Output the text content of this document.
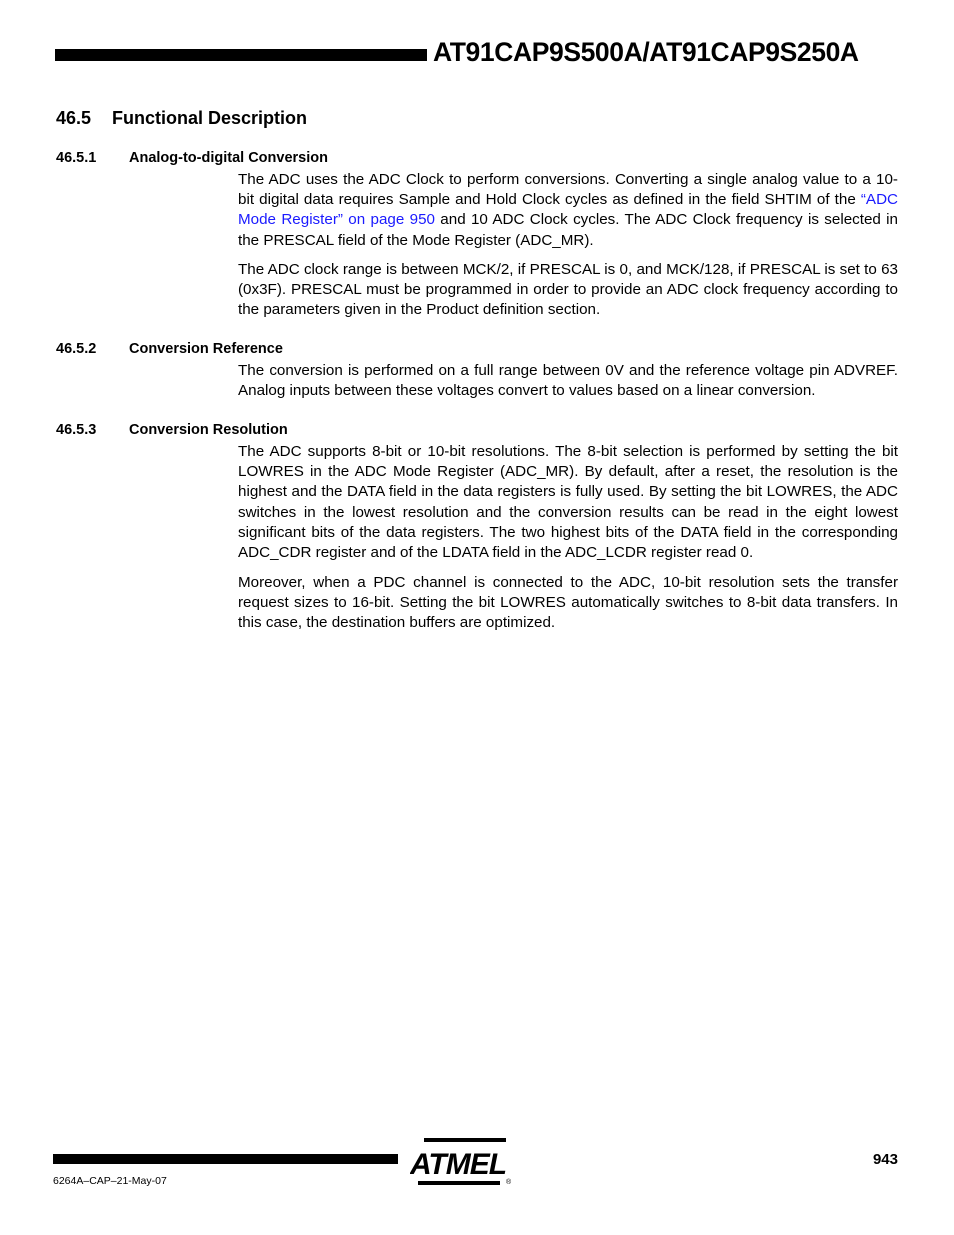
AT91CAP9S500A/AT91CAP9S250A
46.5 Functional Description
46.5.1 Analog-to-digital Conversion

The ADC uses the ADC Clock to perform conversions. Converting a single analog value to a 10-bit digital data requires Sample and Hold Clock cycles as defined in the field SHTIM of the “ADC Mode Register” on page 950 and 10 ADC Clock cycles. The ADC Clock frequency is selected in the PRESCAL field of the Mode Register (ADC_MR).

The ADC clock range is between MCK/2, if PRESCAL is 0, and MCK/128, if PRESCAL is set to 63 (0x3F). PRESCAL must be programmed in order to provide an ADC clock frequency according to the parameters given in the Product definition section.

46.5.2 Conversion Reference

The conversion is performed on a full range between 0V and the reference voltage pin ADVREF. Analog inputs between these voltages convert to values based on a linear conversion.

46.5.3 Conversion Resolution

The ADC supports 8-bit or 10-bit resolutions. The 8-bit selection is performed by setting the bit LOWRES in the ADC Mode Register (ADC_MR). By default, after a reset, the resolution is the highest and the DATA field in the data registers is fully used. By setting the bit LOWRES, the ADC switches in the lowest resolution and the conversion results can be read in the eight lowest significant bits of the data registers. The two highest bits of the DATA field in the corresponding ADC_CDR register and of the LDATA field in the ADC_LCDR register read 0.

Moreover, when a PDC channel is connected to the ADC, 10-bit resolution sets the transfer request sizes to 16-bit. Setting the bit LOWRES automatically switches to 8-bit data transfers. In this case, the destination buffers are optimized.

6264A–CAP–21-May-07
943
ATMEL
®
